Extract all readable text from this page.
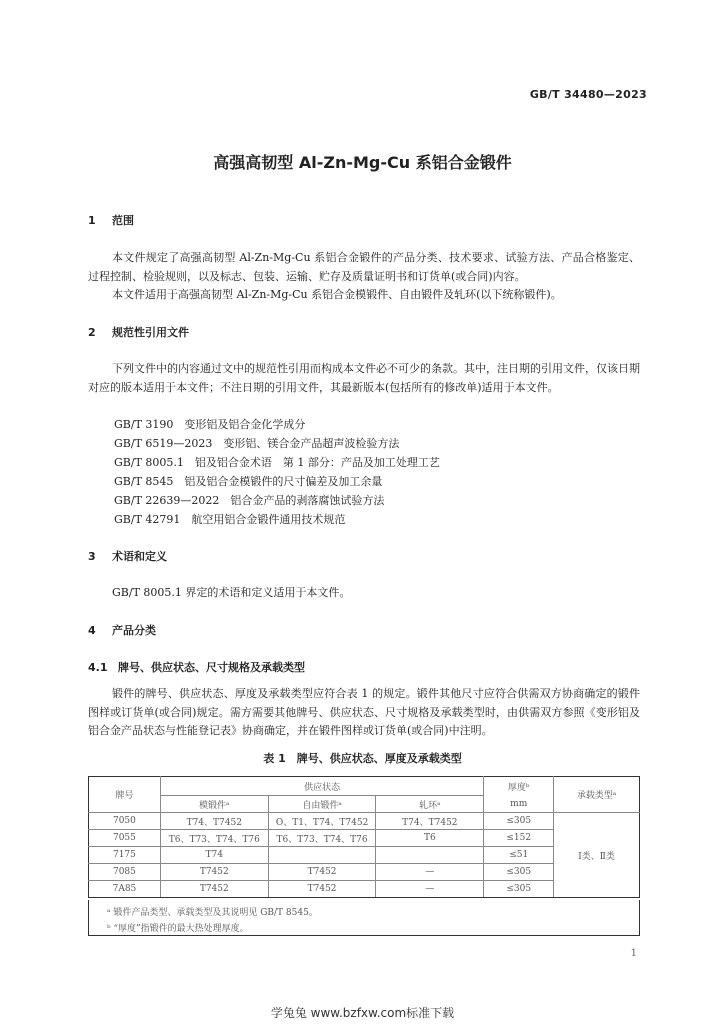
GB/T 34480—2023
高强高韧型 Al-Zn-Mg-Cu 系铝合金锻件
1 范围
本文件规定了高强高韧型 Al-Zn-Mg-Cu 系铝合金锻件的产品分类、技术要求、试验方法、产品合格鉴定、过程控制、检验规则，以及标志、包装、运输、贮存及质量证明书和订货单(或合同)内容。
本文件适用于高强高韧型 Al-Zn-Mg-Cu 系铝合金模锻件、自由锻件及轧环(以下统称锻件)。
2 规范性引用文件
下列文件中的内容通过文中的规范性引用而构成本文件必不可少的条款。其中，注日期的引用文件，仅该日期对应的版本适用于本文件；不注日期的引用文件，其最新版本(包括所有的修改单)适用于本文件。
GB/T 3190　变形铝及铝合金化学成分
GB/T 6519—2023　变形铝、镁合金产品超声波检验方法
GB/T 8005.1　铝及铝合金术语　第 1 部分：产品及加工处理工艺
GB/T 8545　铝及铝合金模锻件的尺寸偏差及加工余量
GB/T 22639—2022　铝合金产品的剥落腐蚀试验方法
GB/T 42791　航空用铝合金锻件通用技术规范
3 术语和定义
GB/T 8005.1 界定的术语和定义适用于本文件。
4 产品分类
4.1 牌号、供应状态、尺寸规格及承载类型
锻件的牌号、供应状态、厚度及承载类型应符合表 1 的规定。锻件其他尺寸应符合供需双方协商确定的锻件图样或订货单(或合同)规定。需方需要其他牌号、供应状态、尺寸规格及承载类型时，由供需双方参照《变形铝及铝合金产品状态与性能登记表》协商确定，并在锻件图样或订货单(或合同)中注明。
表 1　牌号、供应状态、厚度及承载类型
牌号	供应状态			厚度ᵇ	承载类型ᵃ
	模锻件ᵃ	自由锻件ᵃ	轧环ᵃ	mm	
7050	T74、T7452	O、T1、T74、T7452	T74、T7452	≤305	Ⅰ类、Ⅱ类
7055	T6、T73、T74、T76	T6、T73、T74、T76	T6	≤152	
7175	T74			≤51	
7085	T7452	T7452	—	≤305	
7A85	T7452	T7452	—	≤305	
ᵃ 锻件产品类型、承载类型及其说明见 GB/T 8545。
ᵇ “厚度”指锻件的最大热处理厚度。
1
学兔兔 www.bzfxw.com标准下载
